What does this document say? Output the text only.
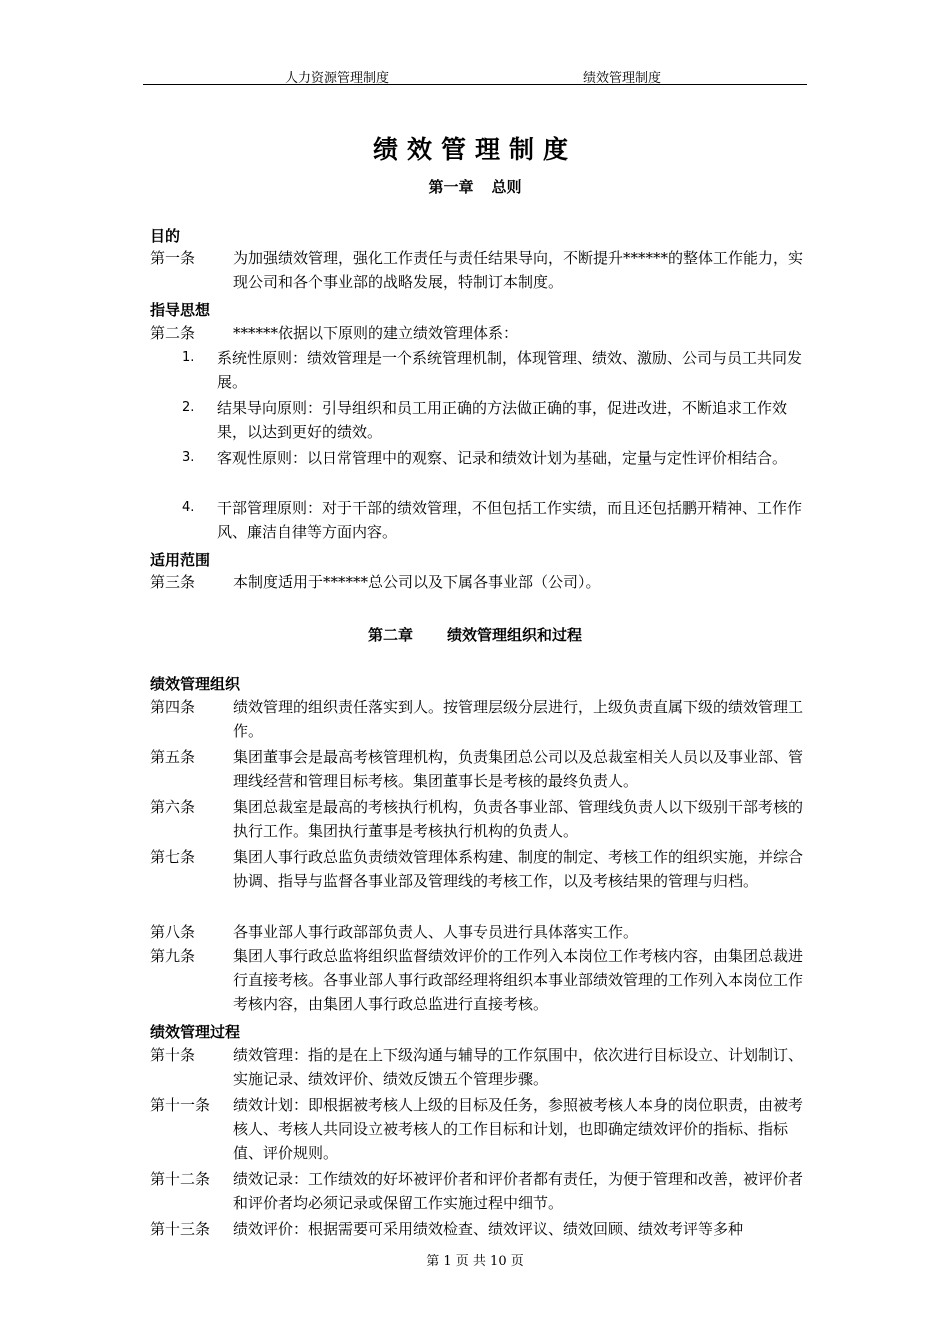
人力资源管理制度	绩效管理制度
绩效管理制度
第一章 总则
目的
第一条	为加强绩效管理，强化工作责任与责任结果导向，不断提升******的整体工作能力，实现公司和各个事业部的战略发展，特制订本制度。
指导思想
第二条	******依据以下原则的建立绩效管理体系：
1. 系统性原则：绩效管理是一个系统管理机制，体现管理、绩效、激励、公司与员工共同发展。
2. 结果导向原则：引导组织和员工用正确的方法做正确的事，促进改进，不断追求工作效果，以达到更好的绩效。
3. 客观性原则：以日常管理中的观察、记录和绩效计划为基础，定量与定性评价相结合。
4. 干部管理原则：对于干部的绩效管理，不但包括工作实绩，而且还包括鹏开精神、工作作风、廉洁自律等方面内容。
适用范围
第三条	本制度适用于******总公司以及下属各事业部（公司）。
第二章 绩效管理组织和过程
绩效管理组织
第四条	绩效管理的组织责任落实到人。按管理层级分层进行，上级负责直属下级的绩效管理工作。
第五条	集团董事会是最高考核管理机构，负责集团总公司以及总裁室相关人员以及事业部、管理线经营和管理目标考核。集团董事长是考核的最终负责人。
第六条	集团总裁室是最高的考核执行机构，负责各事业部、管理线负责人以下级别干部考核的执行工作。集团执行董事是考核执行机构的负责人。
第七条	集团人事行政总监负责绩效管理体系构建、制度的制定、考核工作的组织实施，并综合协调、指导与监督各事业部及管理线的考核工作，以及考核结果的管理与归档。
第八条	各事业部人事行政部部负责人、人事专员进行具体落实工作。
第九条	集团人事行政总监将组织监督绩效评价的工作列入本岗位工作考核内容，由集团总裁进行直接考核。各事业部人事行政部经理将组织本事业部绩效管理的工作列入本岗位工作考核内容，由集团人事行政总监进行直接考核。
绩效管理过程
第十条	绩效管理：指的是在上下级沟通与辅导的工作氛围中，依次进行目标设立、计划制订、实施记录、绩效评价、绩效反馈五个管理步骤。
第十一条 绩效计划：即根据被考核人上级的目标及任务，参照被考核人本身的岗位职责，由被考核人、考核人共同设立被考核人的工作目标和计划，也即确定绩效评价的指标、指标值、评价规则。
第十二条 绩效记录：工作绩效的好坏被评价者和评价者都有责任，为便于管理和改善，被评价者和评价者均必须记录或保留工作实施过程中细节。
第十三条 绩效评价：根据需要可采用绩效检查、绩效评议、绩效回顾、绩效考评等多种
第 1 页 共 10 页
